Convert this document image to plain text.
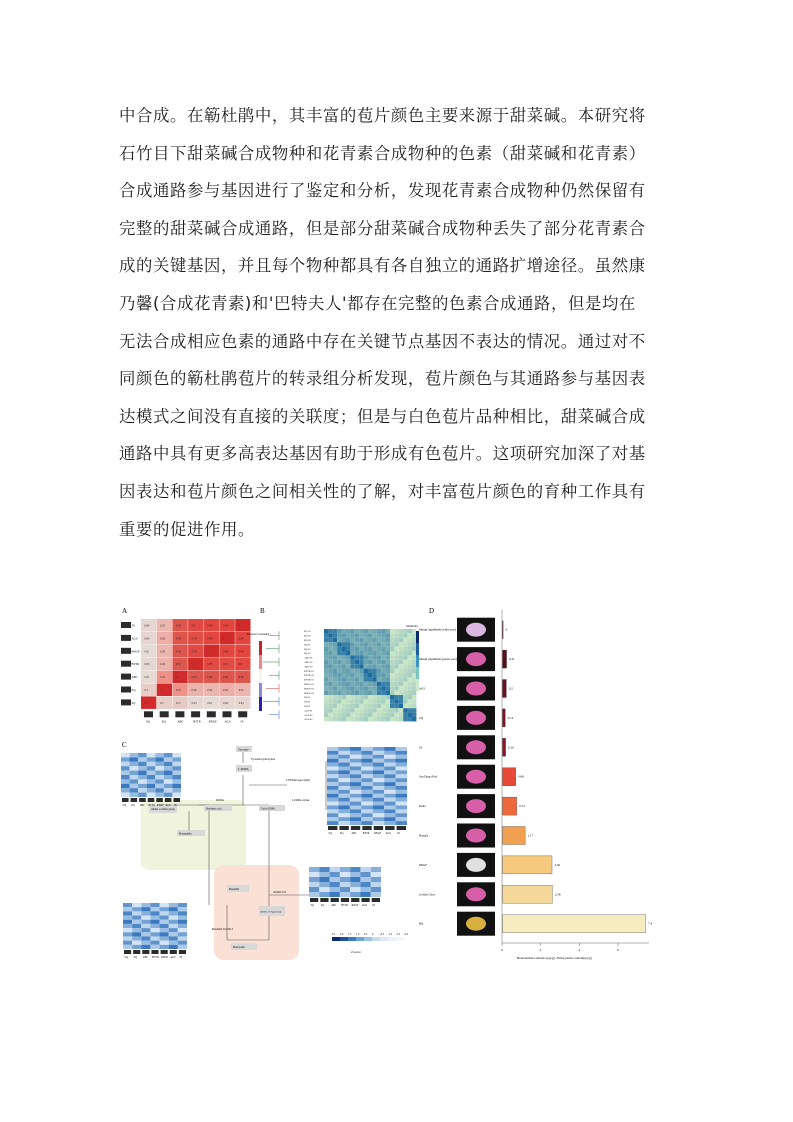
中合成。在簕杜鹃中，其丰富的苞片颜色主要来源于甜菜碱。本研究将
石竹目下甜菜碱合成物种和花青素合成物种的色素（甜菜碱和花青素）
合成通路参与基因进行了鉴定和分析，发现花青素合成物种仍然保留有
完整的甜菜碱合成通路，但是部分甜菜碱合成物种丢失了部分花青素合
成的关键基因，并且每个物种都具有各自独立的通路扩增途径。虽然康
乃馨(合成花青素)和'巴特夫人'都存在完整的色素合成通路，但是均在
无法合成相应色素的通路中存在关键节点基因不表达的情况。通过对不
同颜色的簕杜鹃苞片的转录组分析发现，苞片颜色与其通路参与基因表
达模式之间没有直接的关联度；但是与白色苞片品种相比，甜菜碱合成
通路中具有更多高表达基因有助于形成有色苞片。这项研究加深了对基
因表达和苞片颜色之间相关性的了解，对丰富苞片颜色的育种工作具有
重要的促进作用。
A	B
C
D
JX	0.04	0.23	0.58	0.8	0.84	0.84	1
AGS 0.04	0.29	0.58	0.74	0.84	1	0.84
RNGF 0.01	0.24	0.56	0.78	1	0.84	0.84
BTTR 0.03	0.26	0.55	1	0.78	0.74	0.8
ABC 0.01	0.47	1	0.55	0.56	0.58	0.58
ZQ	0.1	1	0.47	0.26	0.24	0.29	0.23
SQ	1	0.1	0.11	0.03	0.01	0.04	0.04
SQ	ZQ	ABC	BTTR	RNGF	AGS	JX
Pearson Correlation
Similarity
ZQ-01
ZQ-02
ZQ-03
SQ-01
SQ-02
SQ-03
ABC-01
ABC-02
ABC-03
BTTR-01
BTTR-02
BTTR-03
RNGF-01
RNGF-02
RNGF-03
JX-01
JX-02
JX-03
AGS-01
AGS-02
AGS-03
Tyrosine
Tyrosine hydroxylase
L-DOPA
CYP76AD gene family
L-DOPA oxidase
DODA
Amine or amino group	Betalamic acid	Cyclo-DOPA
Betaxanthin
Betanidin
cDOPA 5GT
cDOPA 5-O-glucoside
Betanidin 5GT/6GT
Betacyanin
SQ ZQ ABC BTTR RNGF AGS JX
SQ	ZQ	ABC BTTR RNGF AGS JX
SQ	ZQ	ABC BTTR RNGF AGS JX
SQ ZQ ABC BTTR RNGF AGS JX
2.5 2.0 1.5 1.0 0.5 0	-0.5 -1.0 -1.5 -2.0
Z-score
Betaxanthin contents (ug/g) / Betacyanin content(ug/g)
Mutuji Aguidhehe (white part)	0
Mutuji Aguidhehe (purple part)	0.21
AGS	0.2
ZQ	0.14
JX	0.16
San Diego Red	0.68
Pedro	0.73
HongQ	1.17
RNGF	2.56
Golden Glow	2.58
HQ	7.4
0	2	4	6
